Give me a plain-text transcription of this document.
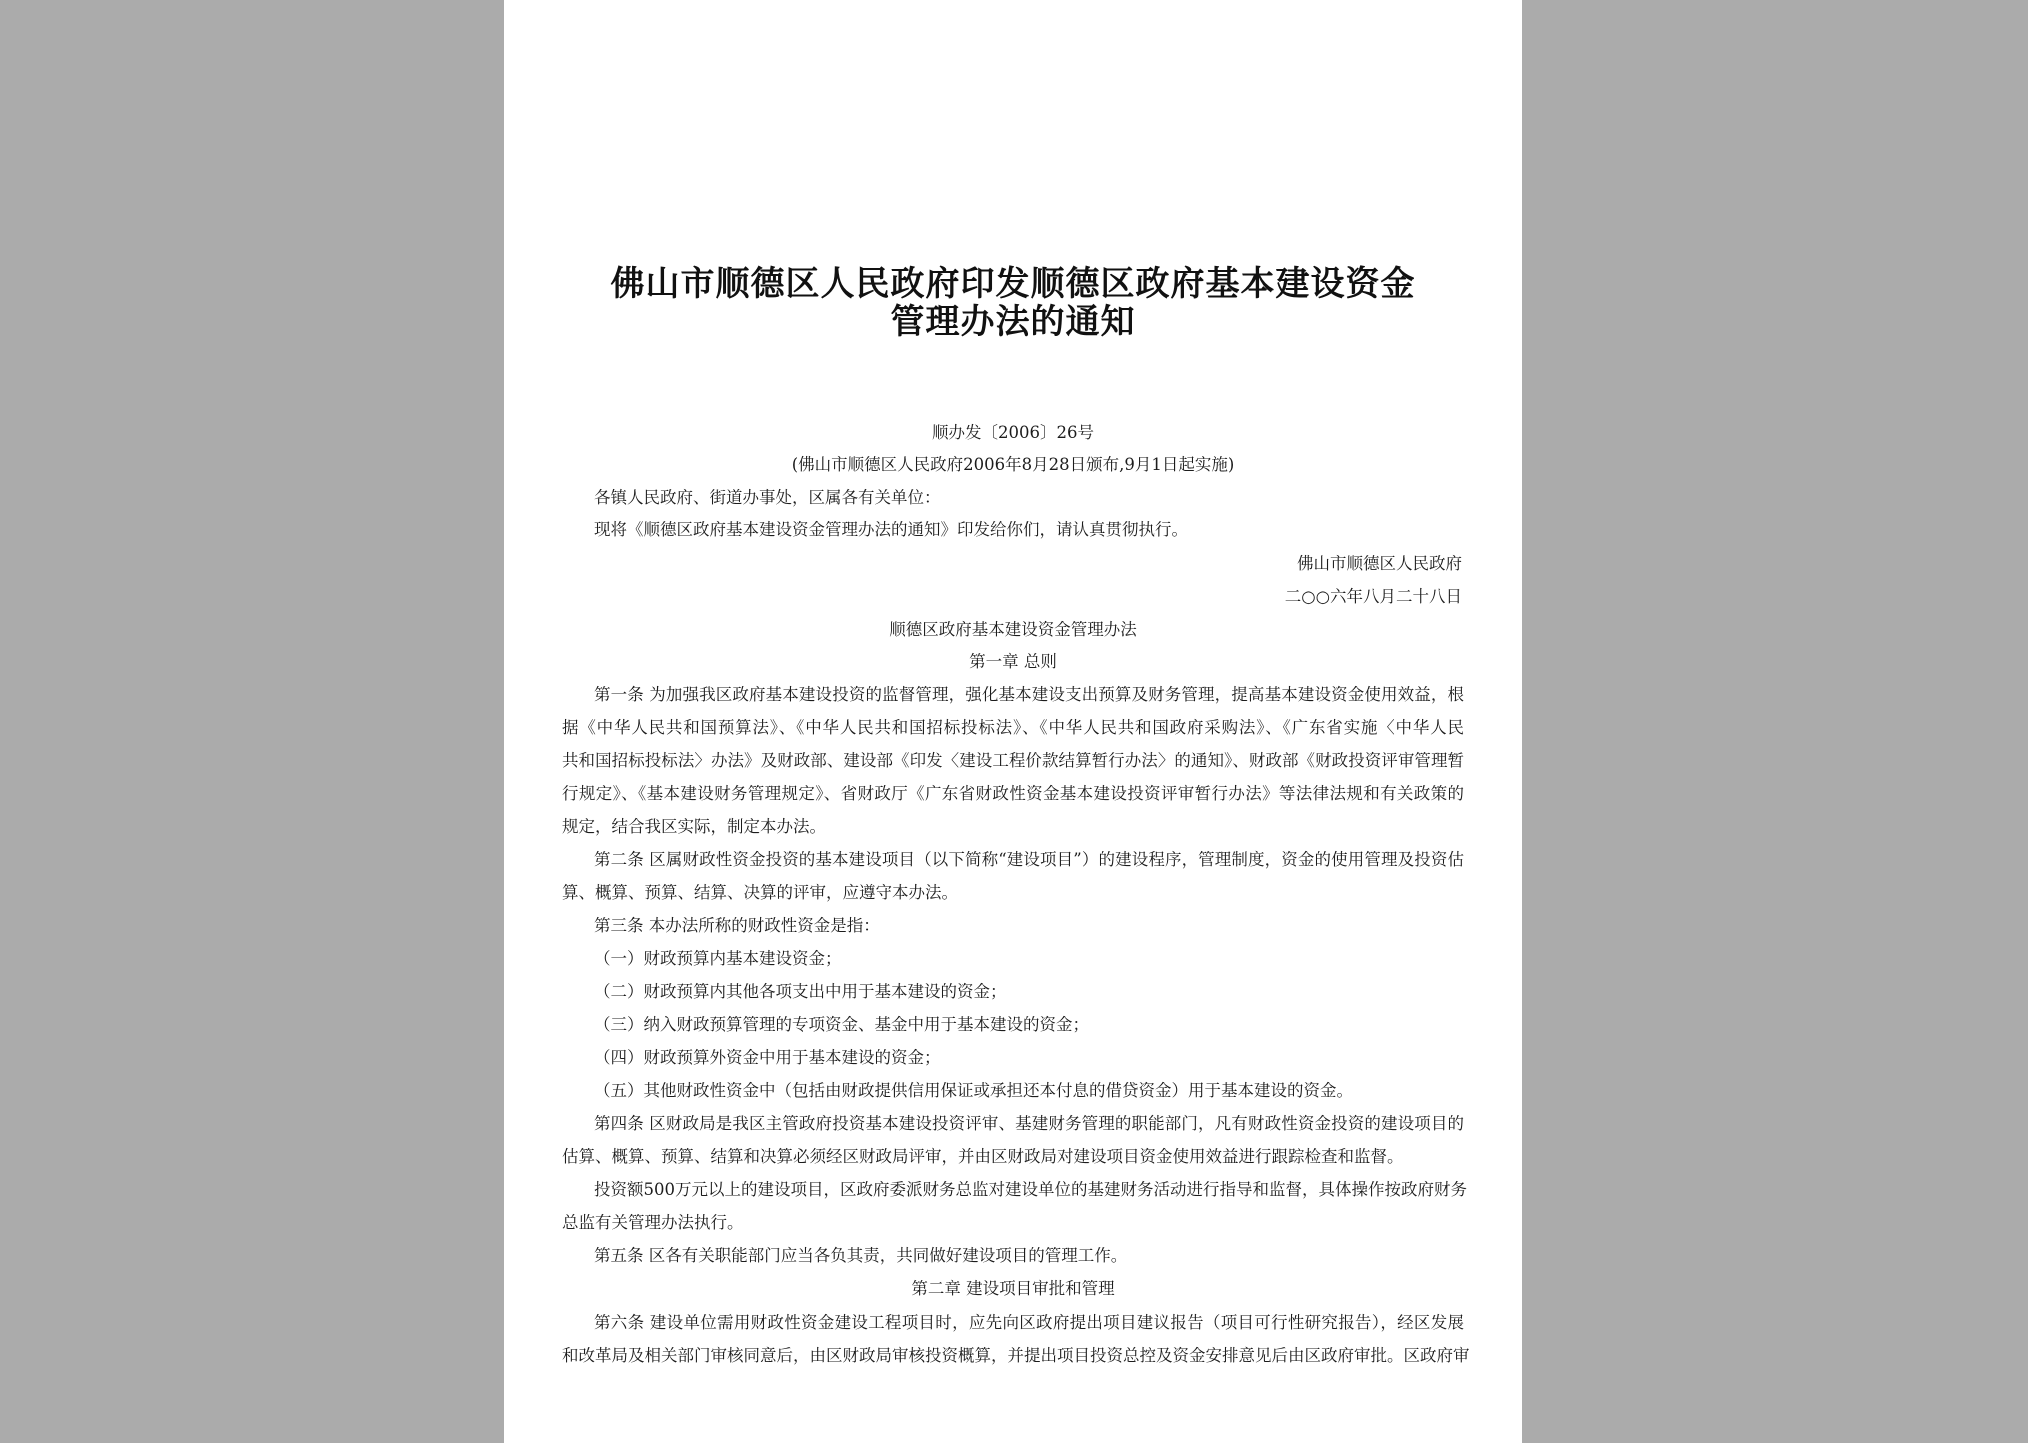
佛山市顺德区人民政府印发顺德区政府基本建设资金
管理办法的通知
顺办发〔2006〕26号
(佛山市顺德区人民政府2006年8月28日颁布,9月1日起实施)
各镇人民政府、街道办事处，区属各有关单位：
现将《顺德区政府基本建设资金管理办法的通知》印发给你们，请认真贯彻执行。
佛山市顺德区人民政府
二○○六年八月二十八日
顺德区政府基本建设资金管理办法
第一章 总则
第一条 为加强我区政府基本建设投资的监督管理，强化基本建设支出预算及财务管理，提高基本建设资金使用效益，根
据《中华人民共和国预算法》、《中华人民共和国招标投标法》、《中华人民共和国政府采购法》、《广东省实施〈中华人民
共和国招标投标法〉办法》及财政部、建设部《印发〈建设工程价款结算暂行办法〉的通知》、财政部《财政投资评审管理暂
行规定》、《基本建设财务管理规定》、省财政厅《广东省财政性资金基本建设投资评审暂行办法》等法律法规和有关政策的
规定，结合我区实际，制定本办法。
第二条 区属财政性资金投资的基本建设项目（以下简称“建设项目”）的建设程序，管理制度，资金的使用管理及投资估
算、概算、预算、结算、决算的评审，应遵守本办法。
第三条 本办法所称的财政性资金是指：
（一）财政预算内基本建设资金；
（二）财政预算内其他各项支出中用于基本建设的资金；
（三）纳入财政预算管理的专项资金、基金中用于基本建设的资金；
（四）财政预算外资金中用于基本建设的资金；
（五）其他财政性资金中（包括由财政提供信用保证或承担还本付息的借贷资金）用于基本建设的资金。
第四条 区财政局是我区主管政府投资基本建设投资评审、基建财务管理的职能部门，凡有财政性资金投资的建设项目的
估算、概算、预算、结算和决算必须经区财政局评审，并由区财政局对建设项目资金使用效益进行跟踪检查和监督。
投资额500万元以上的建设项目，区政府委派财务总监对建设单位的基建财务活动进行指导和监督，具体操作按政府财务
总监有关管理办法执行。
第五条 区各有关职能部门应当各负其责，共同做好建设项目的管理工作。
第二章 建设项目审批和管理
第六条 建设单位需用财政性资金建设工程项目时，应先向区政府提出项目建议报告（项目可行性研究报告），经区发展
和改革局及相关部门审核同意后，由区财政局审核投资概算，并提出项目投资总控及资金安排意见后由区政府审批。区政府审
